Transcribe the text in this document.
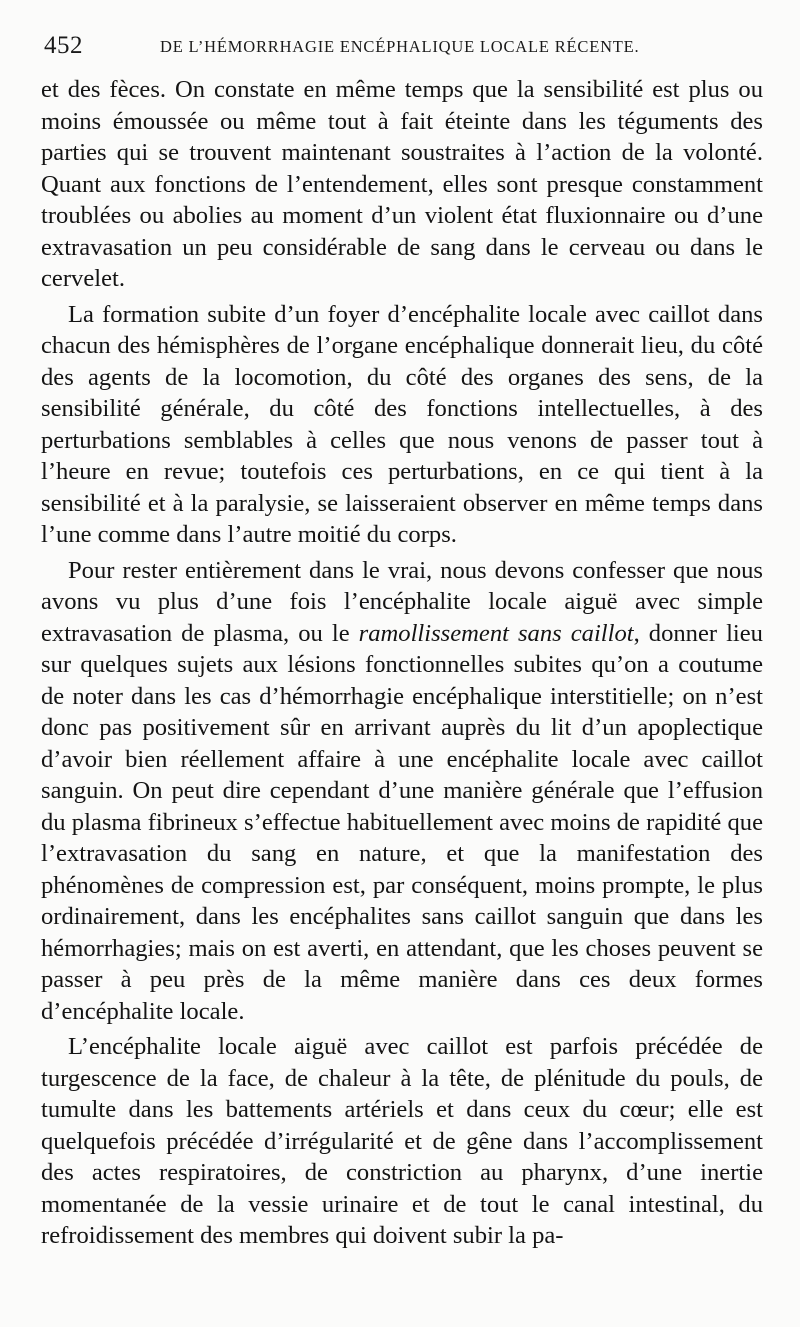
452	DE L’HÉMORRHAGIE ENCÉPHALIQUE LOCALE RÉCENTE.

et des fèces. On constate en même temps que la sensibilité est plus ou moins émoussée ou même tout à fait éteinte dans les téguments des parties qui se trouvent maintenant soustraites à l’action de la volonté. Quant aux fonctions de l’entendement, elles sont presque constamment troublées ou abolies au moment d’un violent état fluxionnaire ou d’une extravasation un peu considérable de sang dans le cerveau ou dans le cervelet.

La formation subite d’un foyer d’encéphalite locale avec caillot dans chacun des hémisphères de l’organe encéphalique donnerait lieu, du côté des agents de la locomotion, du côté des organes des sens, de la sensibilité générale, du côté des fonctions intellectuelles, à des perturbations semblables à celles que nous venons de passer tout à l’heure en revue; toutefois ces perturbations, en ce qui tient à la sensibilité et à la paralysie, se laisseraient observer en même temps dans l’une comme dans l’autre moitié du corps.

Pour rester entièrement dans le vrai, nous devons confesser que nous avons vu plus d’une fois l’encéphalite locale aiguë avec simple extravasation de plasma, ou le ramollissement sans caillot, donner lieu sur quelques sujets aux lésions fonctionnelles subites qu’on a coutume de noter dans les cas d’hémorrhagie encéphalique interstitielle; on n’est donc pas positivement sûr en arrivant auprès du lit d’un apoplectique d’avoir bien réellement affaire à une encéphalite locale avec caillot sanguin. On peut dire cependant d’une manière générale que l’effusion du plasma fibrineux s’effectue habituellement avec moins de rapidité que l’extravasation du sang en nature, et que la manifestation des phénomènes de compression est, par conséquent, moins prompte, le plus ordinairement, dans les encéphalites sans caillot sanguin que dans les hémorrhagies; mais on est averti, en attendant, que les choses peuvent se passer à peu près de la même manière dans ces deux formes d’encéphalite locale.

L’encéphalite locale aiguë avec caillot est parfois précédée de turgescence de la face, de chaleur à la tête, de plénitude du pouls, de tumulte dans les battements artériels et dans ceux du cœur; elle est quelquefois précédée d’irrégularité et de gêne dans l’accomplissement des actes respiratoires, de constriction au pharynx, d’une inertie momentanée de la vessie urinaire et de tout le canal intestinal, du refroidissement des membres qui doivent subir la pa-
